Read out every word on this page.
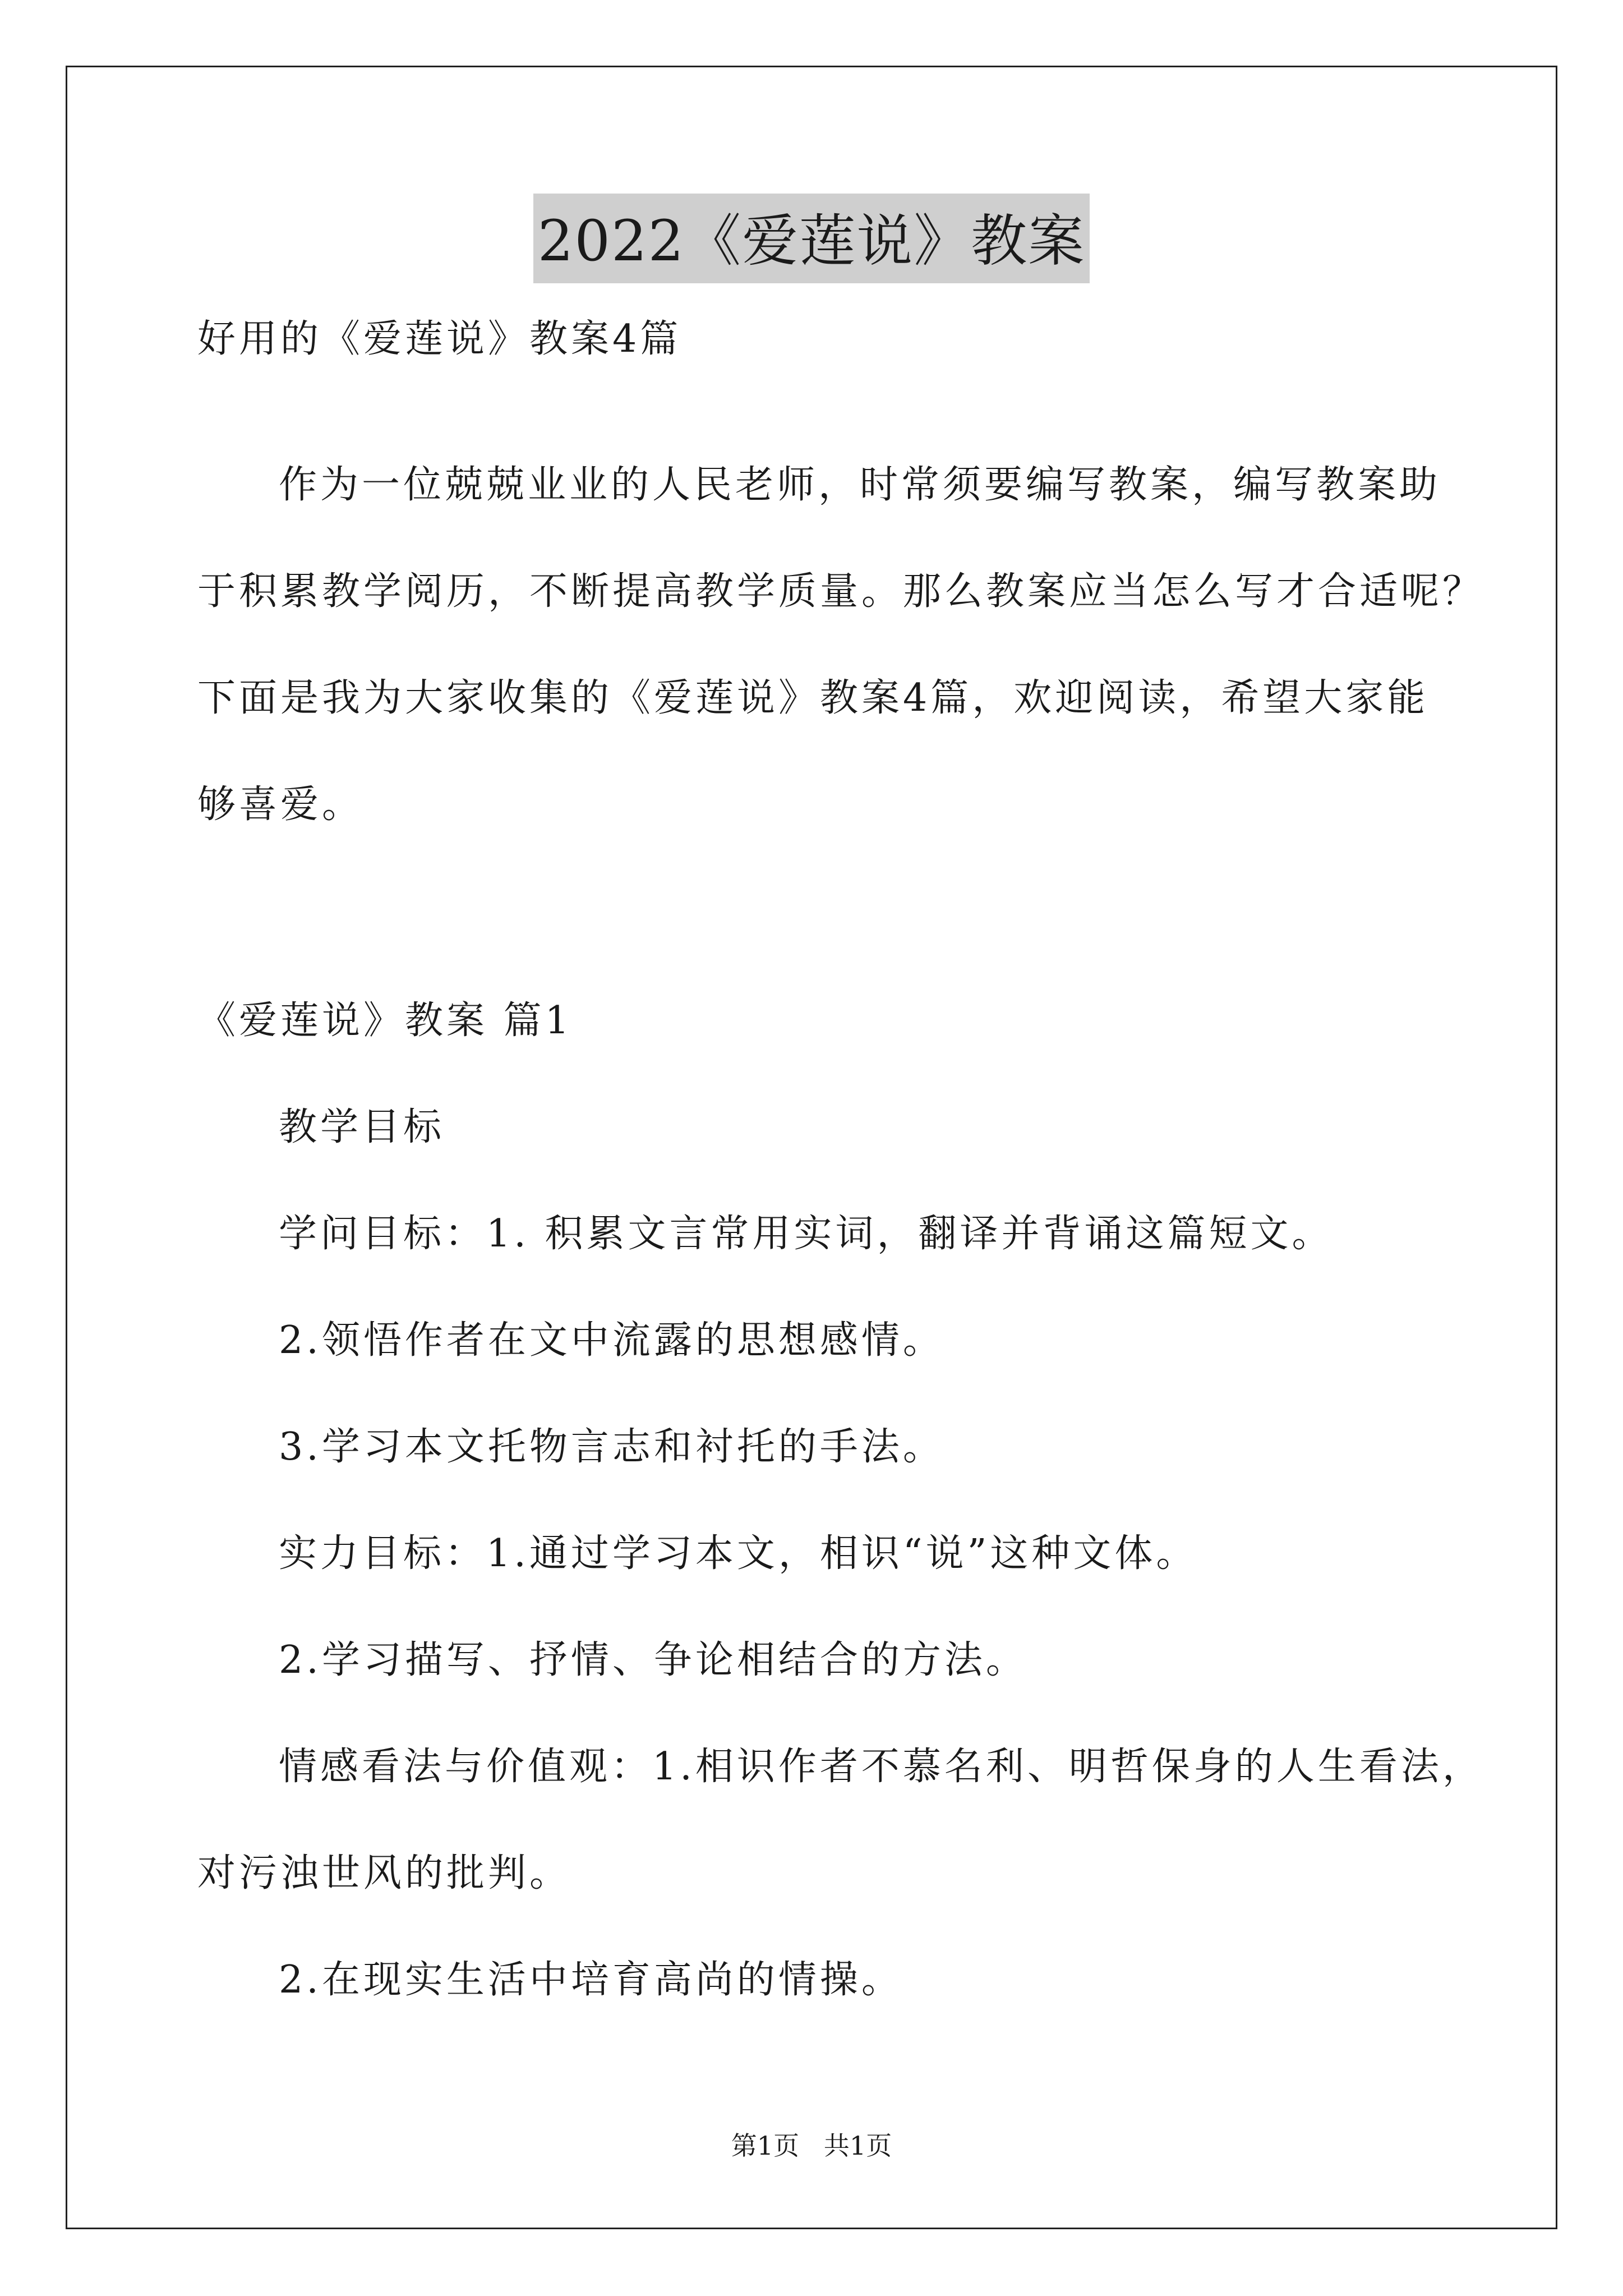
2022《爱莲说》教案
好用的《爱莲说》教案4篇
作为一位兢兢业业的人民老师，时常须要编写教案，编写教案助
于积累教学阅历，不断提高教学质量。那么教案应当怎么写才合适呢？
下面是我为大家收集的《爱莲说》教案4篇，欢迎阅读，希望大家能
够喜爱。
《爱莲说》教案 篇1
教学目标
学问目标：1. 积累文言常用实词，翻译并背诵这篇短文。
2.领悟作者在文中流露的思想感情。
3.学习本文托物言志和衬托的手法。
实力目标：1.通过学习本文，相识“说”这种文体。
2.学习描写、抒情、争论相结合的方法。
情感看法与价值观：1.相识作者不慕名利、明哲保身的人生看法，
对污浊世风的批判。
2.在现实生活中培育高尚的情操。
第1页   共1页
